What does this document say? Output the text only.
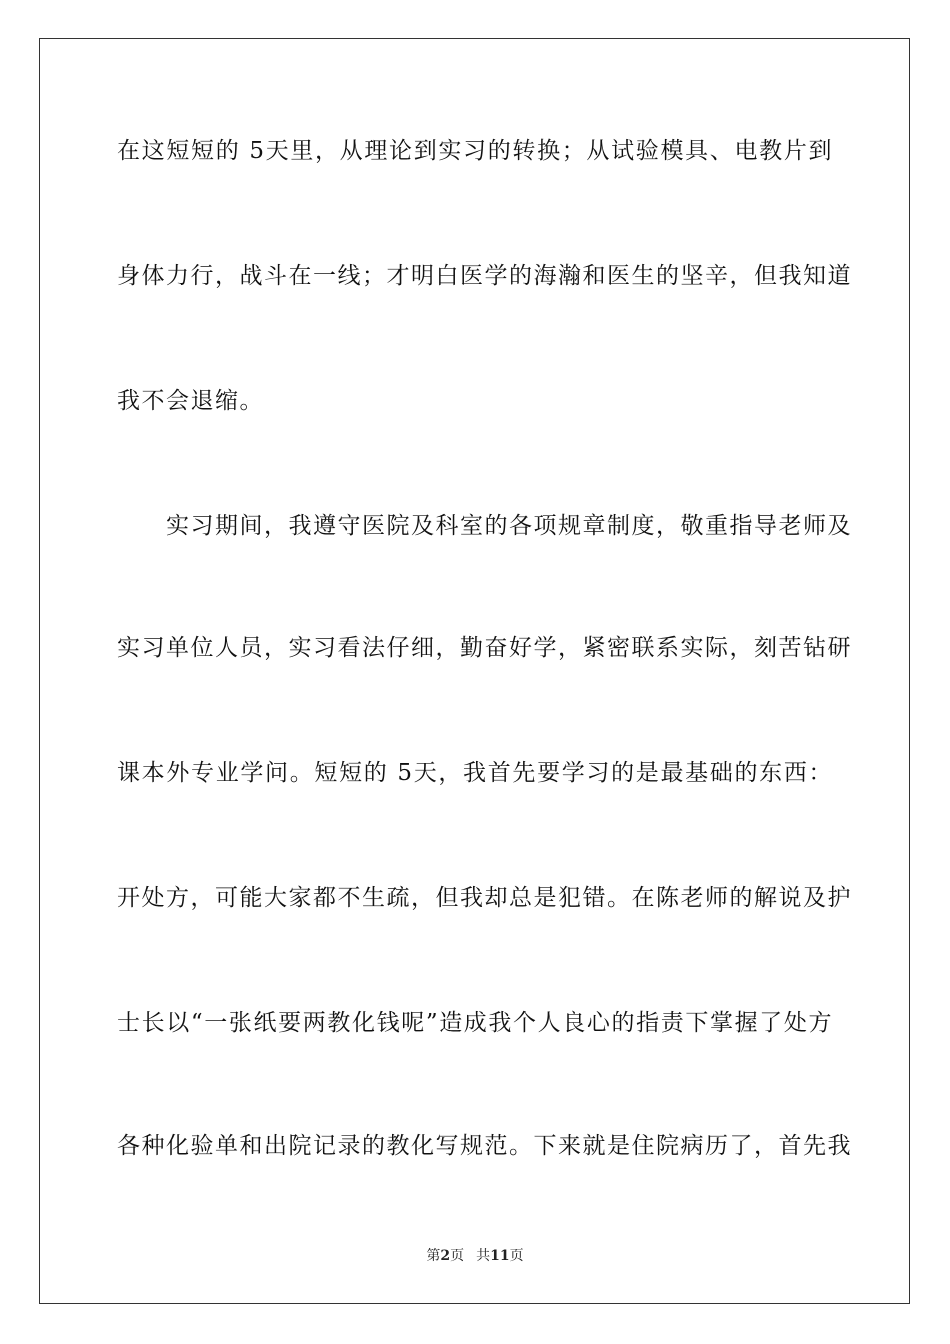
在这短短的 5天里，从理论到实习的转换；从试验模具、电教片到
身体力行，战斗在一线；才明白医学的海瀚和医生的坚辛，但我知道
我不会退缩。
　　实习期间，我遵守医院及科室的各项规章制度，敬重指导老师及
实习单位人员，实习看法仔细，勤奋好学，紧密联系实际，刻苦钻研
课本外专业学问。短短的 5天，我首先要学习的是最基础的东西：
开处方，可能大家都不生疏，但我却总是犯错。在陈老师的解说及护
士长以“一张纸要两教化钱呢”造成我个人良心的指责下掌握了处方
各种化验单和出院记录的教化写规范。下来就是住院病历了，首先我
第2页 共11页
